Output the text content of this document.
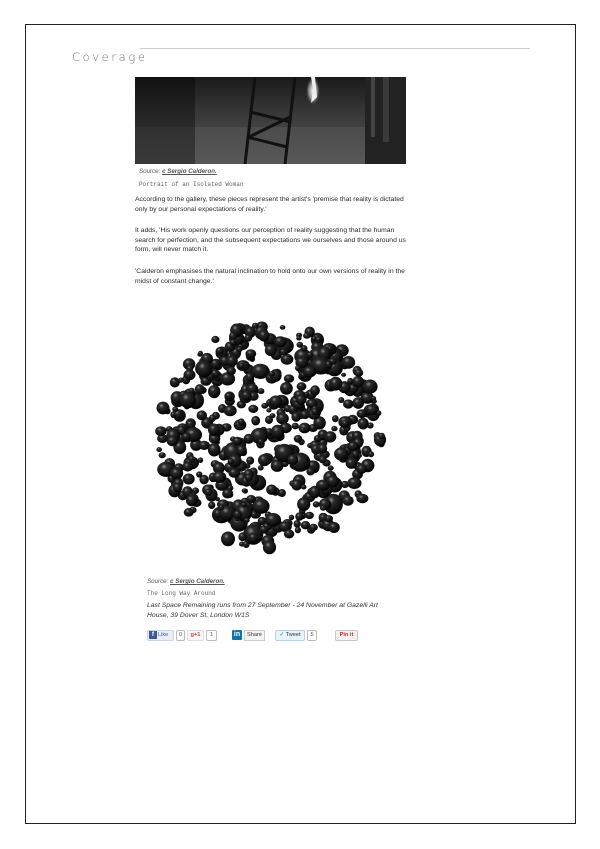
Coverage
Source: c Sergio Calderon.
Portrait of an Isolated Woman

According to the gallery, these pieces represent the artist's 'premise that reality is dictated only by our personal expectations of reality.'

It adds, 'His work openly questions our perception of reality suggesting that the human search for perfection, and the subsequent expectations we ourselves and those around us form, will never match it.

'Calderon emphasises the natural inclination to hold onto our own versions of reality in the midst of constant change.'

Source: c Sergio Calderon.
The Long Way Around

Last Space Remaining runs from 27 September - 24 November at Gazelli Art House, 39 Dover St, London W1S

f Like	0	g+1	1	in Share	✓ Tweet	5	Pin it
